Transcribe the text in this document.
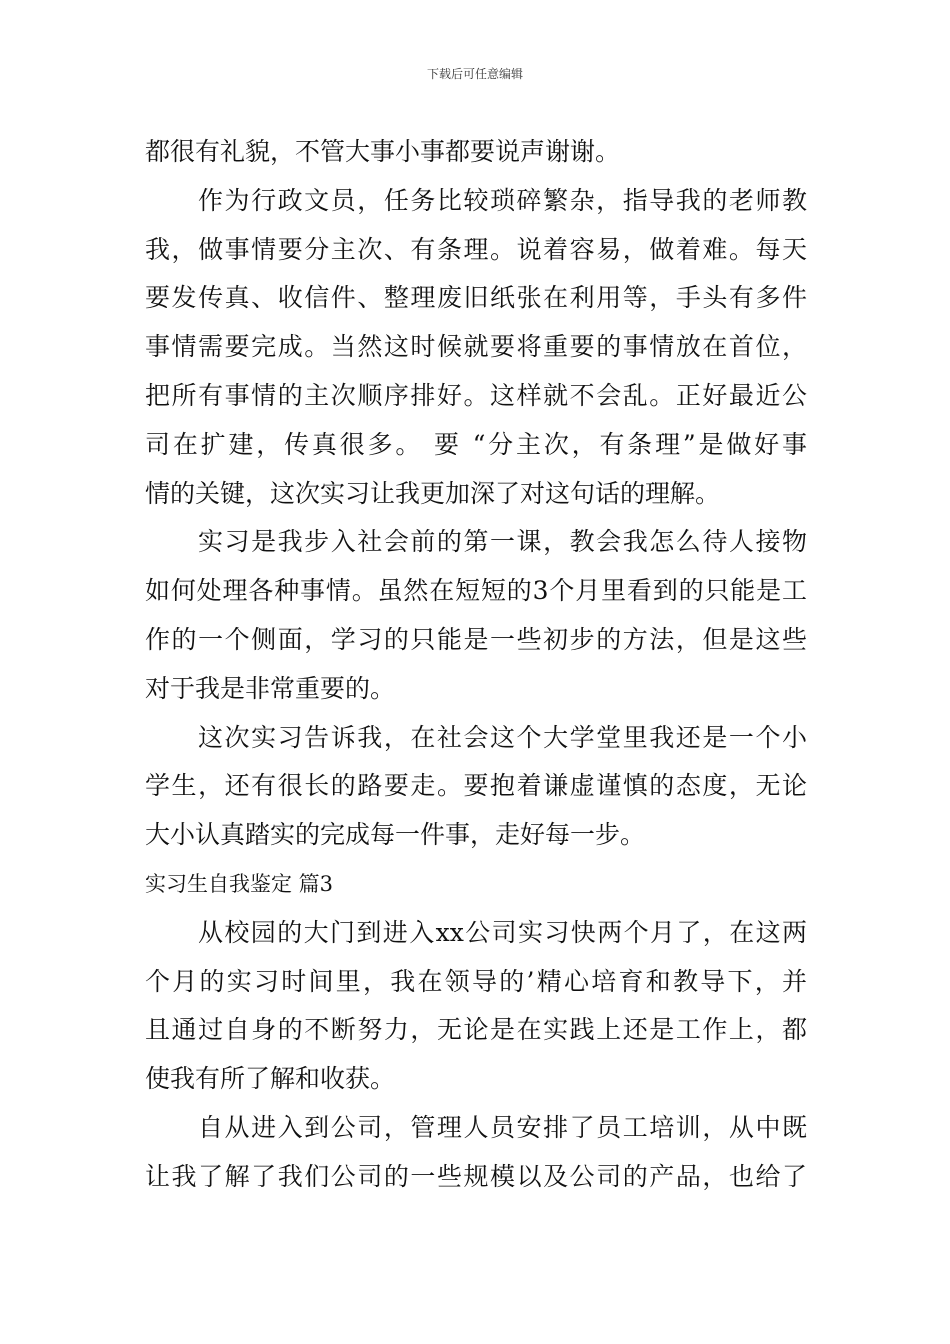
下载后可任意编辑
都很有礼貌，不管大事小事都要说声谢谢。
作为行政文员，任务比较琐碎繁杂，指导我的老师教
我，做事情要分主次、有条理。说着容易，做着难。每天
要发传真、收信件、整理废旧纸张在利用等，手头有多件
事情需要完成。当然这时候就要将重要的事情放在首位，
把所有事情的主次顺序排好。这样就不会乱。正好最近公
司在扩建，传真很多。 要 “分主次，有条理”是做好事
情的关键，这次实习让我更加深了对这句话的理解。
实习是我步入社会前的第一课，教会我怎么待人接物
如何处理各种事情。虽然在短短的3个月里看到的只能是工
作的一个侧面，学习的只能是一些初步的方法，但是这些
对于我是非常重要的。
这次实习告诉我，在社会这个大学堂里我还是一个小
学生，还有很长的路要走。要抱着谦虚谨慎的态度，无论
大小认真踏实的完成每一件事，走好每一步。
实习生自我鉴定 篇3
从校园的大门到进入xx公司实习快两个月了，在这两
个月的实习时间里，我在领导的’精心培育和教导下，并
且通过自身的不断努力，无论是在实践上还是工作上，都
使我有所了解和收获。
自从进入到公司，管理人员安排了员工培训，从中既
让我了解了我们公司的一些规模以及公司的产品，也给了
